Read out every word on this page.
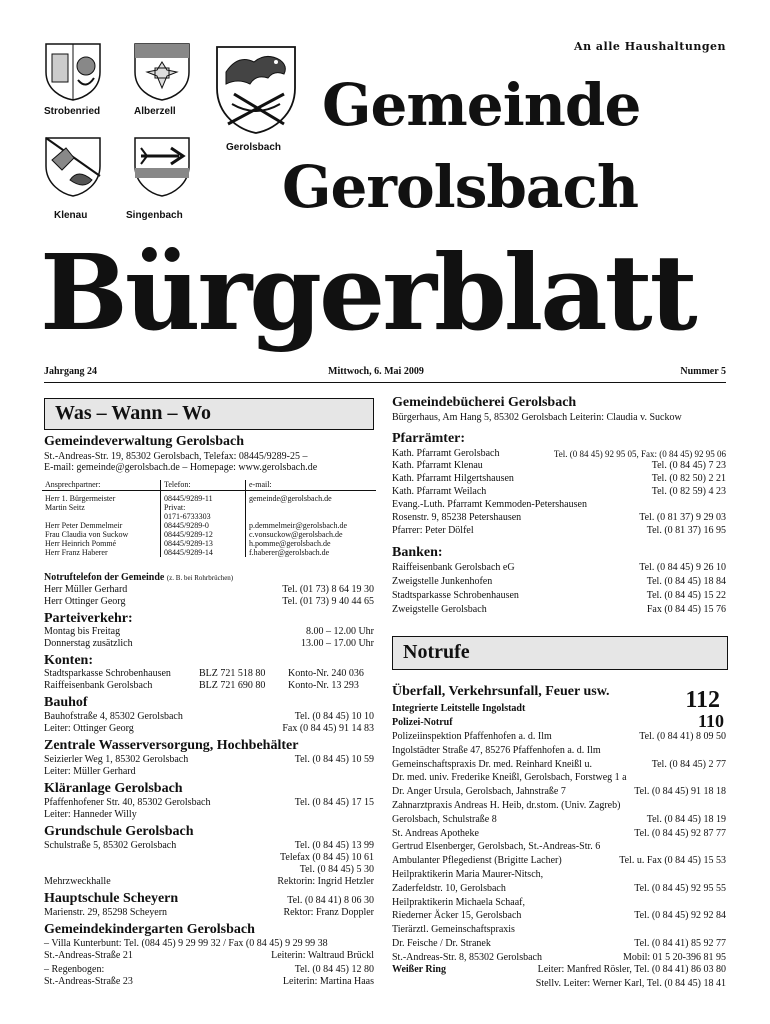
An alle Haushaltungen
Strobenried	Alberzell
Gerolsbach
Klenau	Singenbach
Gemeinde
Gerolsbach
Bürgerblatt
Jahrgang 24	Mittwoch, 6. Mai 2009	Nummer 5
Was – Wann – Wo
Gemeindeverwaltung Gerolsbach
St.-Andreas-Str. 19, 85302 Gerolsbach, Telefax: 08445/9289-25 –
E-mail: gemeinde@gerolsbach.de – Homepage: www.gerolsbach.de
Ansprechpartner:	Telefon:	e-mail:
Herr 1. Bürgermeister	08445/9289-11	gemeinde@gerolsbach.de
Martin Seitz	Privat:	
	0171-6733303	
Herr Peter Demmelmeir	08445/9289-0	p.demmelmeir@gerolsbach.de
Frau Claudia von Suckow	08445/9289-12	c.vonsuckow@gerolsbach.de
Herr Heinrich Pommé	08445/9289-13	h.pomme@gerolsbach.de
Herr Franz Haberer	08445/9289-14	f.haberer@gerolsbach.de
Notruftelefon der Gemeinde (z. B. bei Rohrbrüchen)
Herr Müller Gerhard	Tel. (01 73) 8 64 19 30
Herr Ottinger Georg	Tel. (01 73) 9 40 44 65
Parteiverkehr:
Montag bis Freitag	8.00 – 12.00 Uhr
Donnerstag zusätzlich	13.00 – 17.00 Uhr
Konten:
Stadtsparkasse Schrobenhausen	BLZ 721 518 80 Konto-Nr. 240 036
Raiffeisenbank Gerolsbach	BLZ 721 690 80 Konto-Nr. 13 293
Bauhof
Bauhofstraße 4, 85302 Gerolsbach	Tel. (0 84 45) 10 10
Leiter: Ottinger Georg	Fax (0 84 45) 91 14 83
Zentrale Wasserversorgung, Hochbehälter
Seizierler Weg 1, 85302 Gerolsbach	Tel. (0 84 45) 10 59
Leiter: Müller Gerhard
Kläranlage Gerolsbach
Pfaffenhofener Str. 40, 85302 Gerolsbach	Tel. (0 84 45) 17 15
Leiter: Hanneder Willy
Grundschule Gerolsbach
Schulstraße 5, 85302 Gerolsbach	Tel. (0 84 45) 13 99
Telefax (0 84 45) 10 61
Tel. (0 84 45) 5 30
Mehrzweckhalle	Rektorin: Ingrid Hetzler
Hauptschule Scheyern	Tel. (0 84 41) 8 06 30
Marienstr. 29, 85298 Scheyern	Rektor: Franz Doppler
Gemeindekindergarten Gerolsbach
– Villa Kunterbunt: Tel. (084 45) 9 29 99 32 / Fax (0 84 45) 9 29 99 38
St.-Andreas-Straße 21	Leiterin: Waltraud Brückl
– Regenbogen:	Tel. (0 84 45) 12 80
St.-Andreas-Straße 23	Leiterin: Martina Haas
Gemeindebücherei Gerolsbach
Bürgerhaus, Am Hang 5, 85302 Gerolsbach Leiterin: Claudia v. Suckow
Pfarrämter:
Kath. Pfarramt Gerolsbach	Tel. (0 84 45) 92 95 05, Fax: (0 84 45) 92 95 06
Kath. Pfarramt Klenau	Tel. (0 84 45) 7 23
Kath. Pfarramt Hilgertshausen	Tel. (0 82 50) 2 21
Kath. Pfarramt Weilach	Tel. (0 82 59) 4 23
Evang.-Luth. Pfarramt Kemmoden-Petershausen
Rosenstr. 9, 85238 Petershausen	Tel. (0 81 37) 9 29 03
Pfarrer: Peter Dölfel	Tel. (0 81 37) 16 95
Banken:
Raiffeisenbank Gerolsbach eG	Tel. (0 84 45) 9 26 10
Zweigstelle Junkenhofen	Tel. (0 84 45) 18 84
Stadtsparkasse Schrobenhausen	Tel. (0 84 45) 15 22
Zweigstelle Gerolsbach	Fax (0 84 45) 15 76
Notrufe
Überfall, Verkehrsunfall, Feuer usw.	112
Integrierte Leitstelle Ingolstadt
Polizei-Notruf	110
Polizeiinspektion Pfaffenhofen a. d. Ilm	Tel. (0 84 41) 8 09 50
Ingolstädter Straße 47, 85276 Pfaffenhofen a. d. Ilm
Gemeinschaftspraxis Dr. med. Reinhard Kneißl u.	Tel. (0 84 45) 2 77
Dr. med. univ. Frederike Kneißl, Gerolsbach, Forstweg 1 a
Dr. Anger Ursula, Gerolsbach, Jahnstraße 7	Tel. (0 84 45) 91 18 18
Zahnarztpraxis Andreas H. Heib, dr.stom. (Univ. Zagreb)
Gerolsbach, Schulstraße 8	Tel. (0 84 45) 18 19
St. Andreas Apotheke	Tel. (0 84 45) 92 87 77
Gertrud Elsenberger, Gerolsbach, St.-Andreas-Str. 6
Ambulanter Pflegedienst (Brigitte Lacher)	Tel. u. Fax (0 84 45) 15 53
Heilpraktikerin Maria Maurer-Nitsch,
Zaderfeldstr. 10, Gerolsbach	Tel. (0 84 45) 92 95 55
Heilpraktikerin Michaela Schaaf,
Riederner Äcker 15, Gerolsbach	Tel. (0 84 45) 92 92 84
Tierärztl. Gemeinschaftspraxis
Dr. Feische / Dr. Stranek	Tel. (0 84 41) 85 92 77
St.-Andreas-Str. 8, 85302 Gerolsbach	Mobil: 01 5 20-396 81 95
Weißer Ring	Leiter: Manfred Rösler, Tel. (0 84 41) 86 03 80
Stellv. Leiter: Werner Karl, Tel. (0 84 45) 18 41
